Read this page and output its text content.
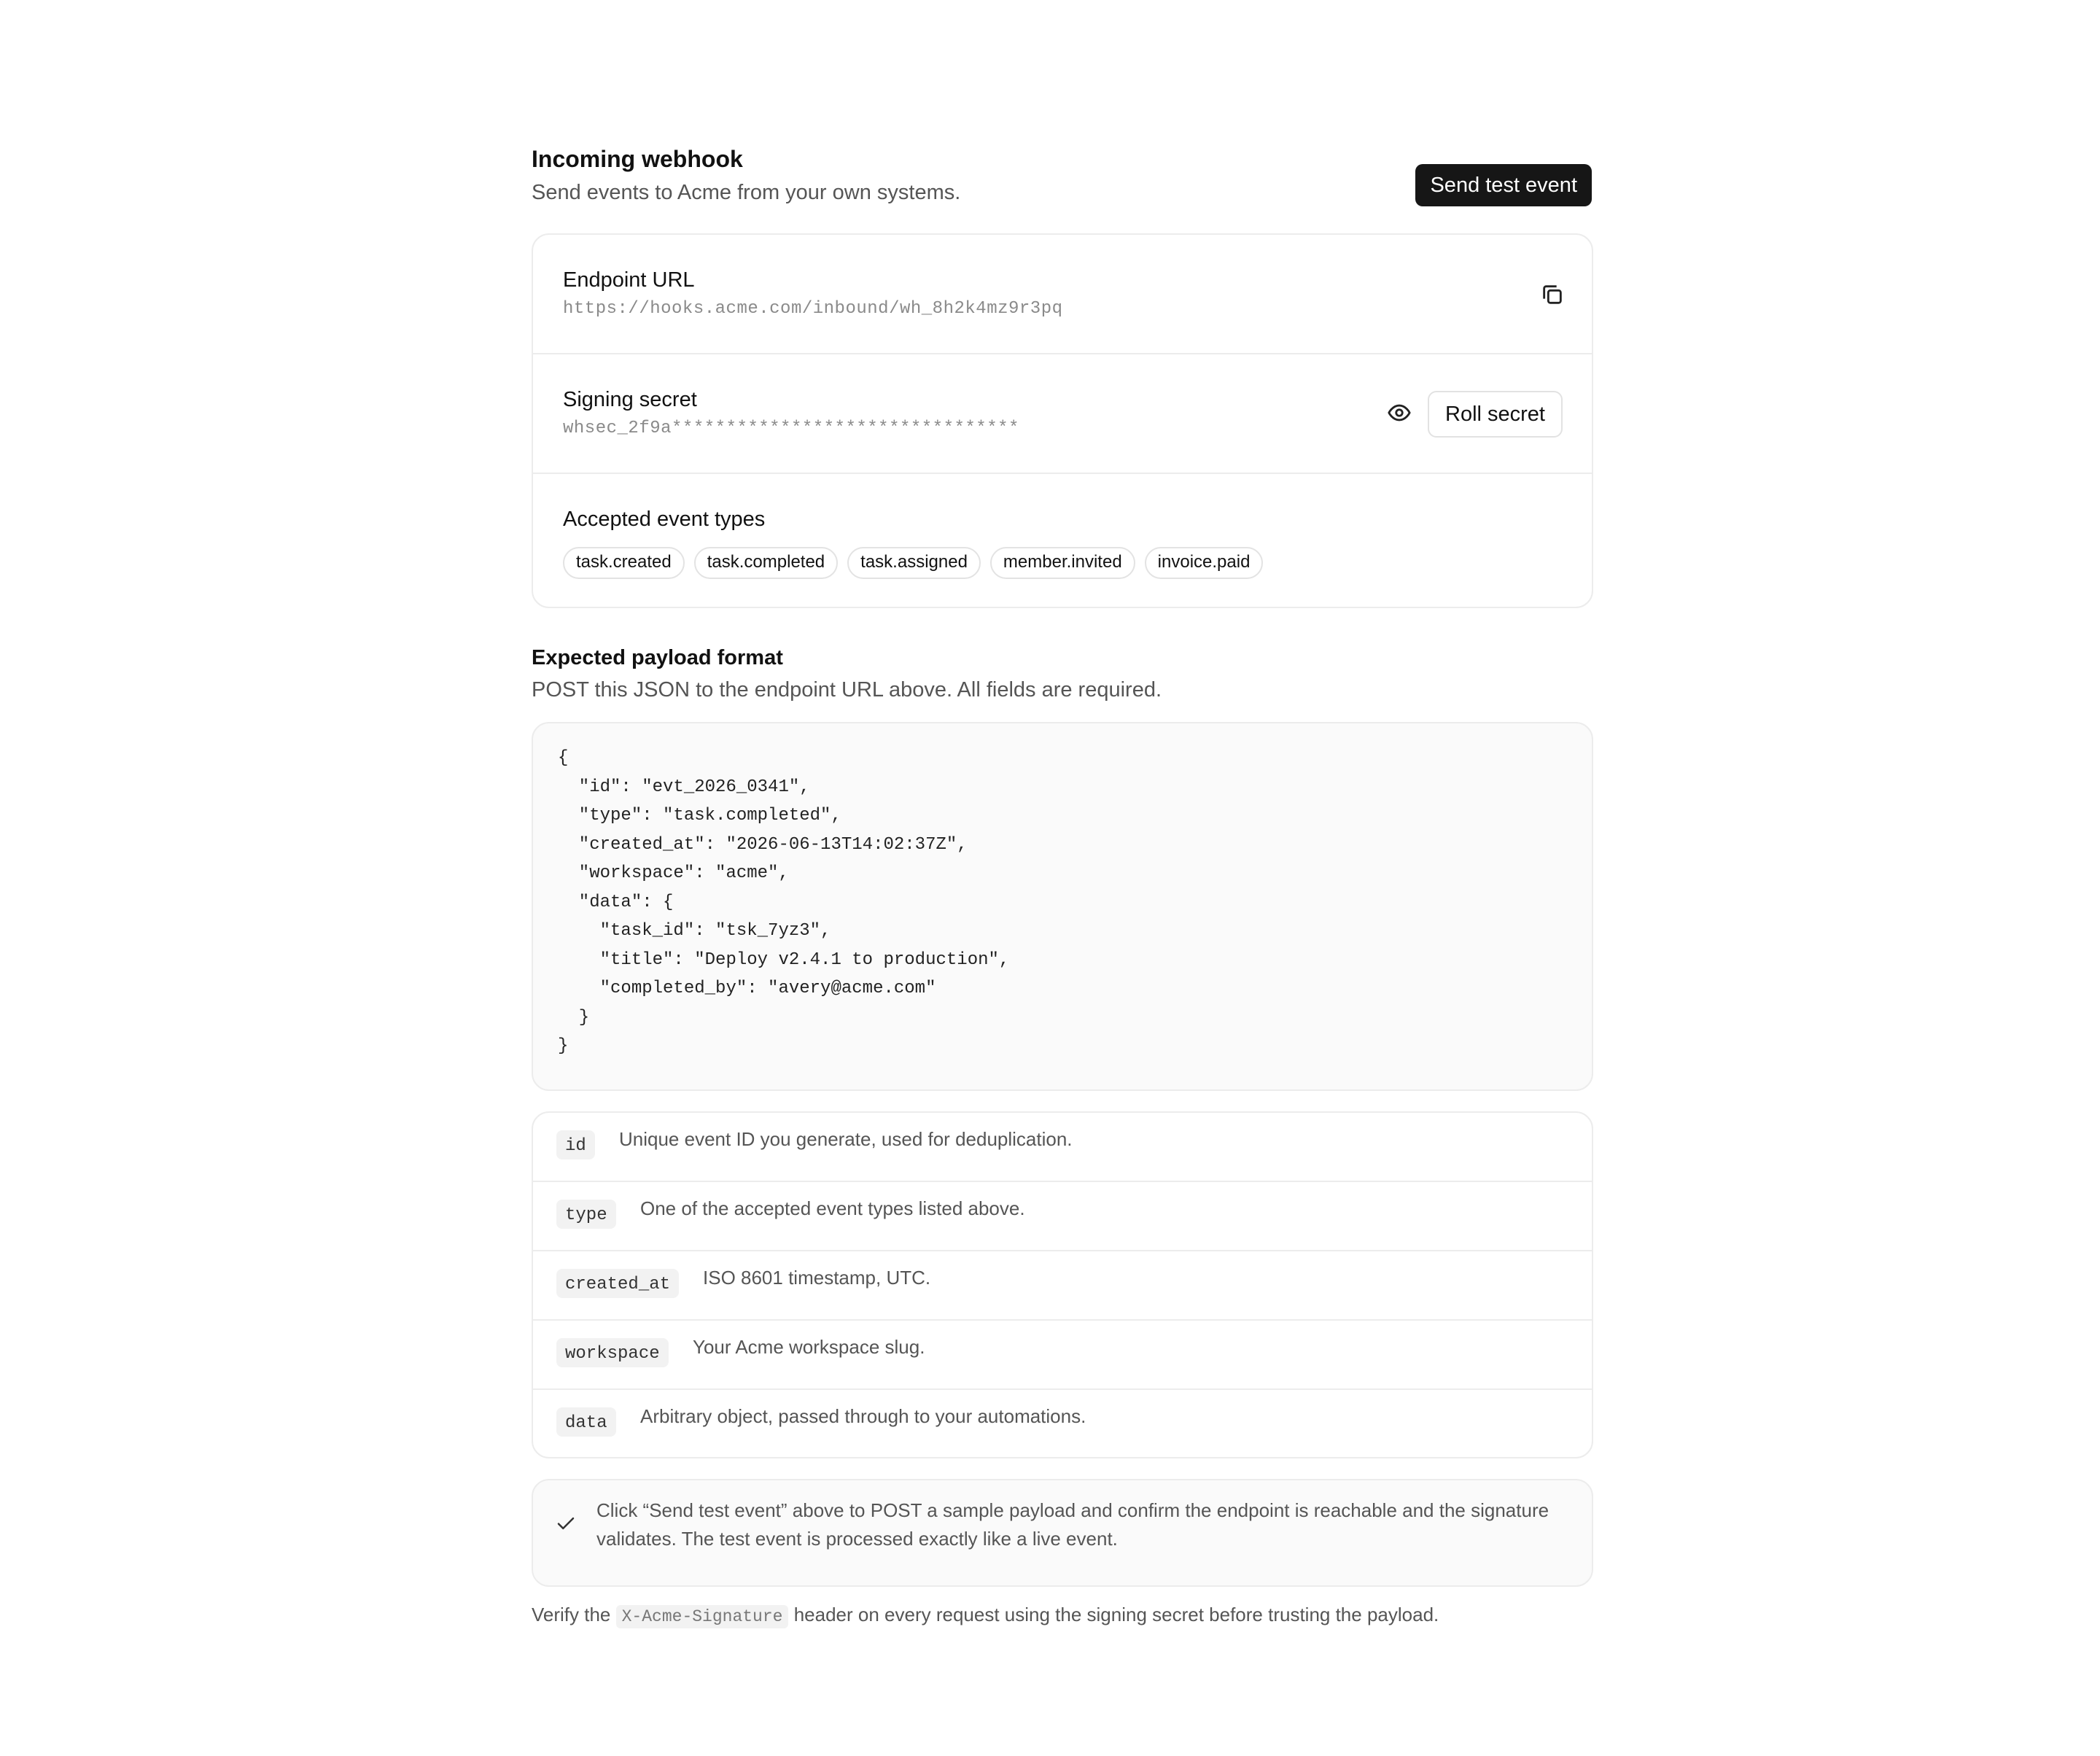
Incoming webhook
Send events to Acme from your own systems.	Send test event
Endpoint URL
https://hooks.acme.com/inbound/wh_8h2k4mz9r3pq
Signing secret
whsec_2f9a********************************
Roll secret
Accepted event types
task.created	task.completed	task.assigned	member.invited	invoice.paid
Expected payload format
POST this JSON to the endpoint URL above. All fields are required.
{
"id": "evt_2026_0341",
"type": "task.completed",
"created_at": "2026-06-13T14:02:37Z",
"workspace": "acme",
"data": {
"task_id": "tsk_7yz3",
"title": "Deploy v2.4.1 to production",
"completed_by": "avery@acme.com"
}
}
id	Unique event ID you generate, used for deduplication.
type	One of the accepted event types listed above.
created_at	ISO 8601 timestamp, UTC.
workspace	Your Acme workspace slug.
data	Arbitrary object, passed through to your automations.
Click “Send test event” above to POST a sample payload and confirm the endpoint is reachable and the signature validates. The test event is processed exactly like a live event.
Verify the X-Acme-Signature header on every request using the signing secret before trusting the payload.
